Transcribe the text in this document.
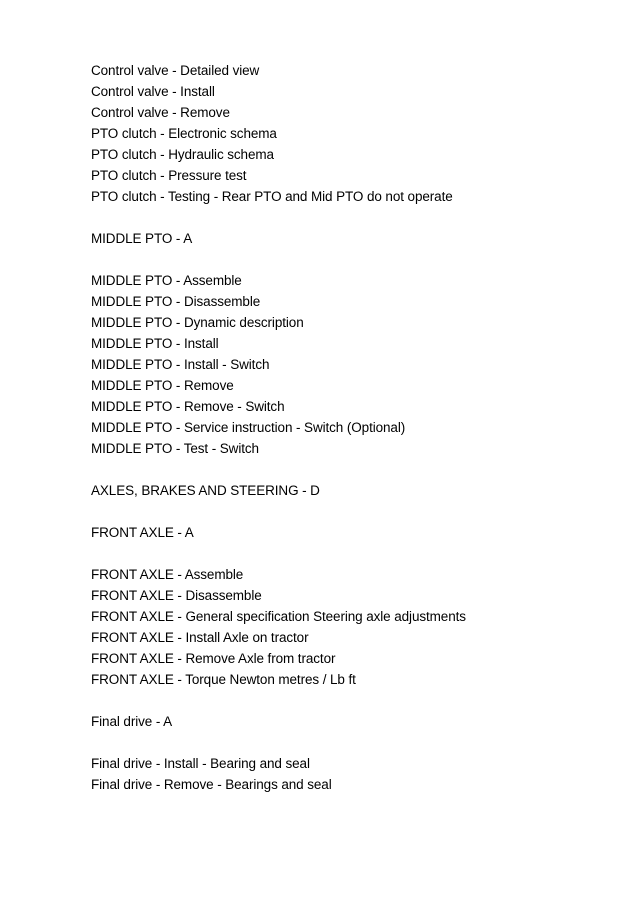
Control valve - Detailed view
Control valve - Install
Control valve - Remove
PTO clutch - Electronic schema
PTO clutch - Hydraulic schema
PTO clutch - Pressure test
PTO clutch - Testing - Rear PTO and Mid PTO do not operate
MIDDLE PTO - A
MIDDLE PTO - Assemble
MIDDLE PTO - Disassemble
MIDDLE PTO - Dynamic description
MIDDLE PTO - Install
MIDDLE PTO - Install - Switch
MIDDLE PTO - Remove
MIDDLE PTO - Remove - Switch
MIDDLE PTO - Service instruction - Switch (Optional)
MIDDLE PTO - Test - Switch
AXLES, BRAKES AND STEERING - D
FRONT AXLE - A
FRONT AXLE - Assemble
FRONT AXLE - Disassemble
FRONT AXLE - General specification Steering axle adjustments
FRONT AXLE - Install Axle on tractor
FRONT AXLE - Remove Axle from tractor
FRONT AXLE - Torque Newton metres / Lb ft
Final drive - A
Final drive - Install - Bearing and seal
Final drive - Remove - Bearings and seal
